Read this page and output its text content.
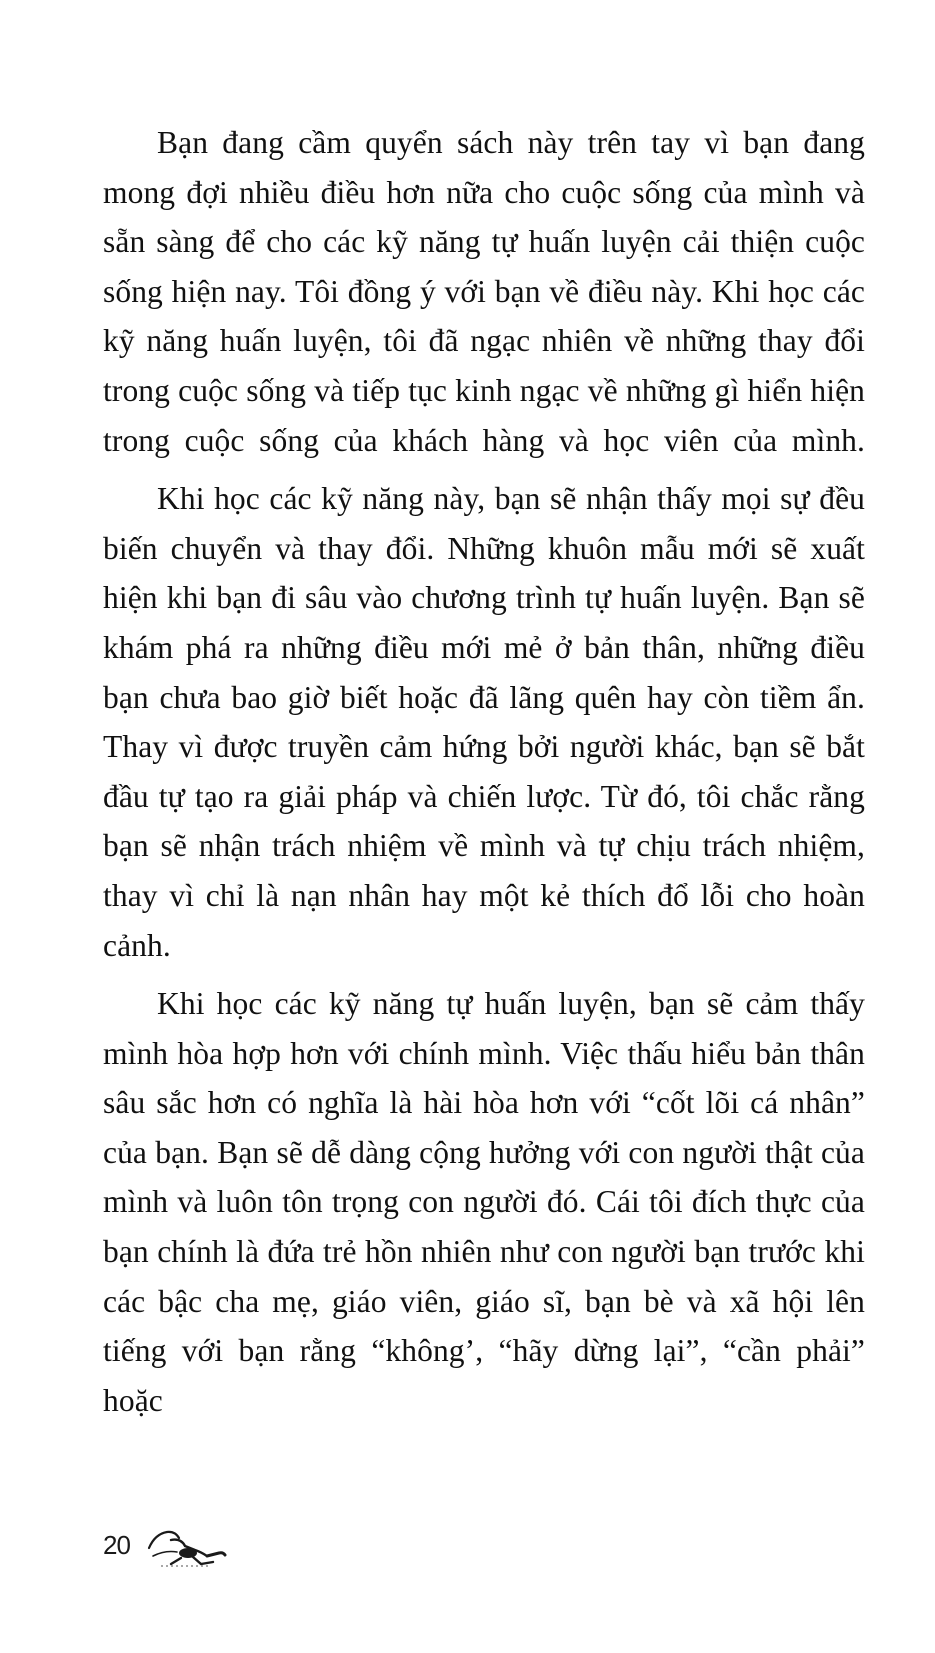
Bạn đang cầm quyển sách này trên tay vì bạn đang mong đợi nhiều điều hơn nữa cho cuộc sống của mình và sẵn sàng để cho các kỹ năng tự huấn luyện cải thiện cuộc sống hiện nay. Tôi đồng ý với bạn về điều này. Khi học các kỹ năng huấn luyện, tôi đã ngạc nhiên về những thay đổi trong cuộc sống và tiếp tục kinh ngạc về những gì hiển hiện trong cuộc sống của khách hàng và học viên của mình.

Khi học các kỹ năng này, bạn sẽ nhận thấy mọi sự đều biến chuyển và thay đổi. Những khuôn mẫu mới sẽ xuất hiện khi bạn đi sâu vào chương trình tự huấn luyện. Bạn sẽ khám phá ra những điều mới mẻ ở bản thân, những điều bạn chưa bao giờ biết hoặc đã lãng quên hay còn tiềm ẩn. Thay vì được truyền cảm hứng bởi người khác, bạn sẽ bắt đầu tự tạo ra giải pháp và chiến lược. Từ đó, tôi chắc rằng bạn sẽ nhận trách nhiệm về mình và tự chịu trách nhiệm, thay vì chỉ là nạn nhân hay một kẻ thích đổ lỗi cho hoàn cảnh.

Khi học các kỹ năng tự huấn luyện, bạn sẽ cảm thấy mình hòa hợp hơn với chính mình. Việc thấu hiểu bản thân sâu sắc hơn có nghĩa là hài hòa hơn với “cốt lõi cá nhân” của bạn. Bạn sẽ dễ dàng cộng hưởng với con người thật của mình và luôn tôn trọng con người đó. Cái tôi đích thực của bạn chính là đứa trẻ hồn nhiên như con người bạn trước khi các bậc cha mẹ, giáo viên, giáo sĩ, bạn bè và xã hội lên tiếng với bạn rằng “không’, “hãy dừng lại”, “cần phải” hoặc

20
